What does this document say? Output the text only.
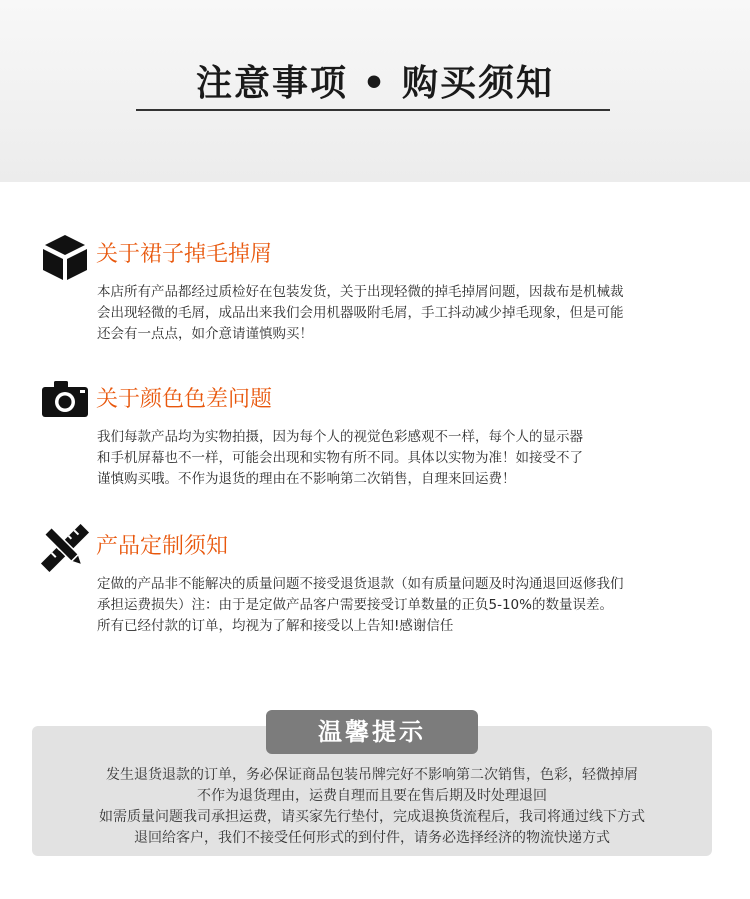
注意事项 • 购买须知
关于裙子掉毛掉屑
本店所有产品都经过质检好在包装发货，关于出现轻微的掉毛掉屑问题，因裁布是机械裁
会出现轻微的毛屑，成品出来我们会用机器吸附毛屑，手工抖动减少掉毛现象，但是可能
还会有一点点，如介意请谨慎购买！
关于颜色色差问题
我们每款产品均为实物拍摄，因为每个人的视觉色彩感观不一样，每个人的显示器
和手机屏幕也不一样，可能会出现和实物有所不同。具体以实物为准！如接受不了
谨慎购买哦。不作为退货的理由在不影响第二次销售，自理来回运费！
产品定制须知
定做的产品非不能解决的质量问题不接受退货退款（如有质量问题及时沟通退回返修我们
承担运费损失）注：由于是定做产品客户需要接受订单数量的正负5-10%的数量误差。
所有已经付款的订单，均视为了解和接受以上告知!感谢信任
温馨提示
发生退货退款的订单，务必保证商品包装吊牌完好不影响第二次销售，色彩，轻微掉屑
不作为退货理由，运费自理而且要在售后期及时处理退回
如需质量问题我司承担运费，请买家先行垫付，完成退换货流程后，我司将通过线下方式
退回给客户，我们不接受任何形式的到付件，请务必选择经济的物流快递方式
